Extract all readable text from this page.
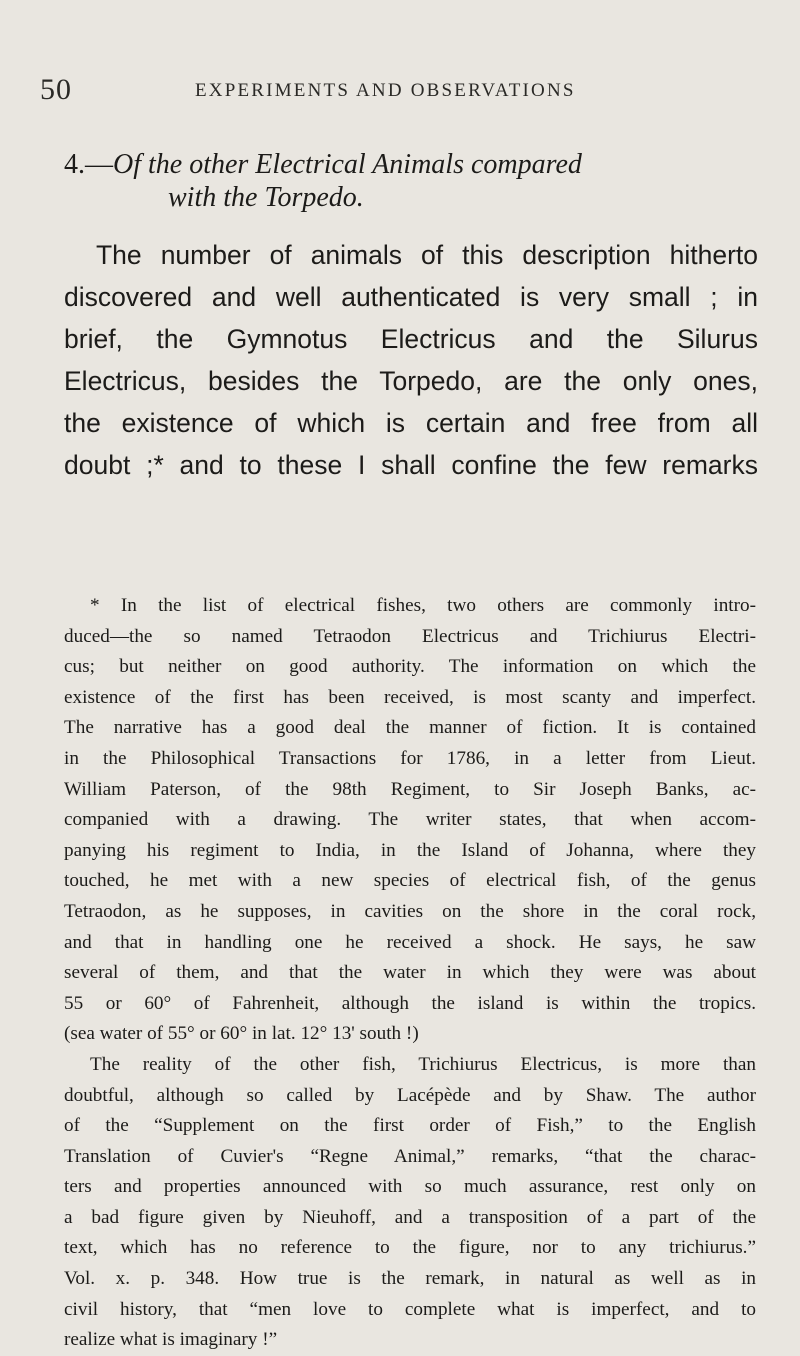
50	EXPERIMENTS AND OBSERVATIONS
4.—Of the other Electrical Animals compared
with the Torpedo.
The number of animals of this description hitherto
discovered and well authenticated is very small ; in
brief, the Gymnotus Electricus and the Silurus
Electricus, besides the Torpedo, are the only ones,
the existence of which is certain and free from all
doubt ;* and to these I shall confine the few remarks
* In the list of electrical fishes, two others are commonly intro-
duced—the so named Tetraodon Electricus and Trichiurus Electri-
cus; but neither on good authority. The information on which the
existence of the first has been received, is most scanty and imperfect.
The narrative has a good deal the manner of fiction. It is contained
in the Philosophical Transactions for 1786, in a letter from Lieut.
William Paterson, of the 98th Regiment, to Sir Joseph Banks, ac-
companied with a drawing. The writer states, that when accom-
panying his regiment to India, in the Island of Johanna, where they
touched, he met with a new species of electrical fish, of the genus
Tetraodon, as he supposes, in cavities on the shore in the coral rock,
and that in handling one he received a shock. He says, he saw
several of them, and that the water in which they were was about
55 or 60° of Fahrenheit, although the island is within the tropics.
(sea water of 55° or 60° in lat. 12° 13' south !)
The reality of the other fish, Trichiurus Electricus, is more than
doubtful, although so called by Lacépède and by Shaw. The author
of the “Supplement on the first order of Fish,” to the English
Translation of Cuvier's “Regne Animal,” remarks, “that the charac-
ters and properties announced with so much assurance, rest only on
a bad figure given by Nieuhoff, and a transposition of a part of the
text, which has no reference to the figure, nor to any trichiurus.”
Vol. x. p. 348. How true is the remark, in natural as well as in
civil history, that “men love to complete what is imperfect, and to
realize what is imaginary !”
